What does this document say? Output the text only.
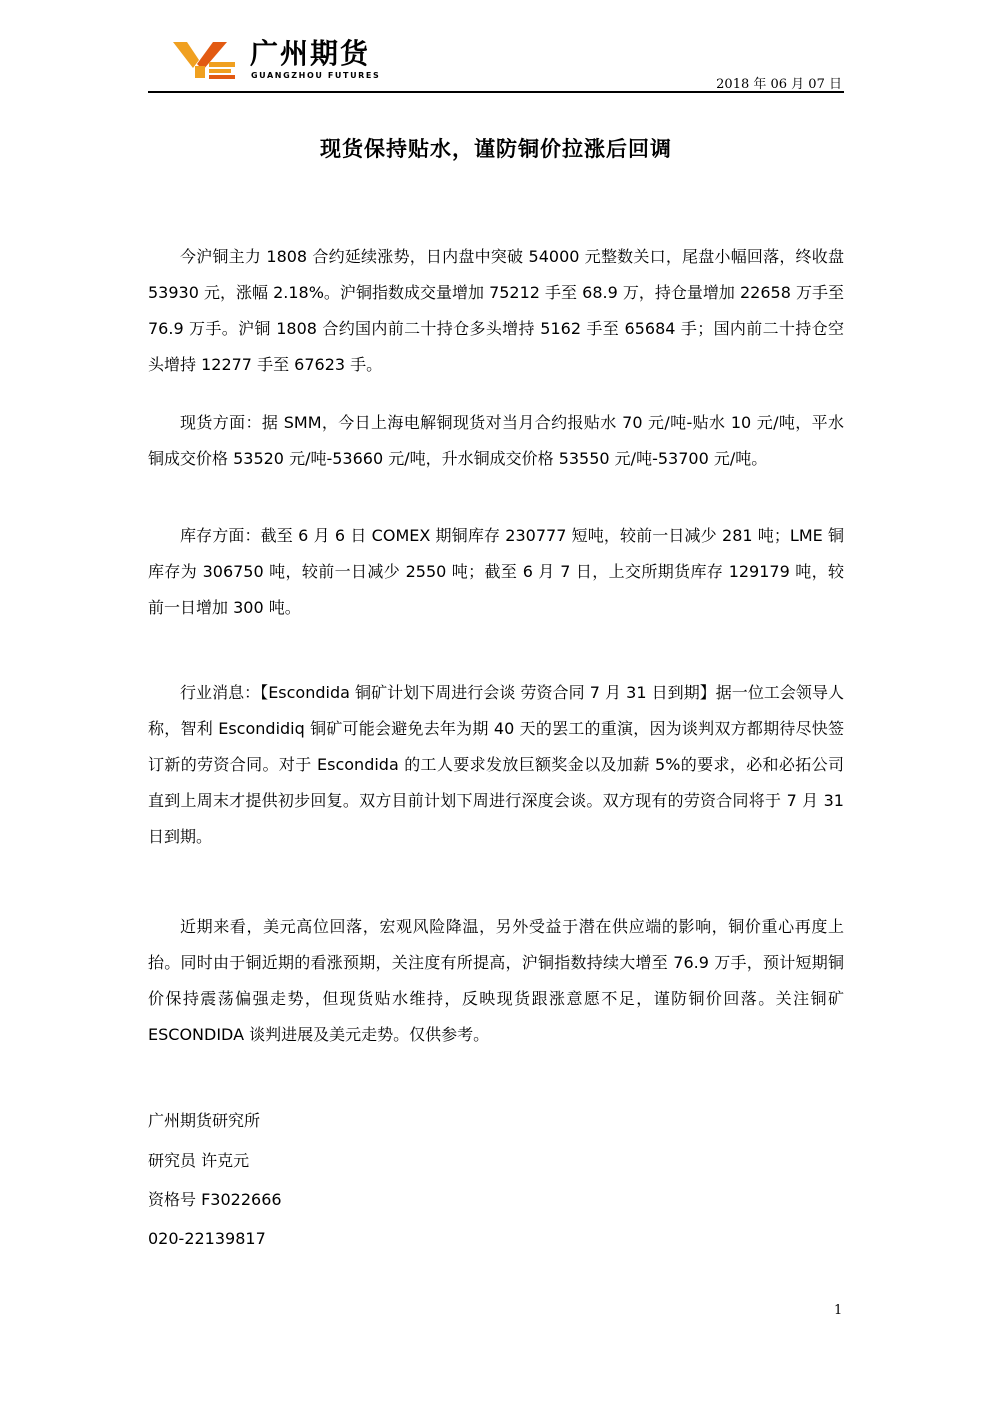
广州期货
GUANGZHOU FUTURES
2018 年 06 月 07 日
现货保持贴水，谨防铜价拉涨后回调

今沪铜主力 1808 合约延续涨势，日内盘中突破 54000 元整数关口，尾盘小幅回落，终收盘 53930 元，涨幅 2.18%。沪铜指数成交量增加 75212 手至 68.9 万，持仓量增加 22658 万手至 76.9 万手。沪铜 1808 合约国内前二十持仓多头增持 5162 手至 65684 手；国内前二十持仓空头增持 12277 手至 67623 手。

现货方面：据 SMM，今日上海电解铜现货对当月合约报贴水 70 元/吨-贴水 10 元/吨，平水铜成交价格 53520 元/吨-53660 元/吨，升水铜成交价格 53550 元/吨-53700 元/吨。

库存方面：截至 6 月 6 日 COMEX 期铜库存 230777 短吨，较前一日减少 281 吨；LME 铜库存为 306750 吨，较前一日减少 2550 吨；截至 6 月 7 日，上交所期货库存 129179 吨，较前一日增加 300 吨。

行业消息：【Escondida 铜矿计划下周进行会谈 劳资合同 7 月 31 日到期】据一位工会领导人称，智利 Escondidiq 铜矿可能会避免去年为期 40 天的罢工的重演，因为谈判双方都期待尽快签订新的劳资合同。对于 Escondida 的工人要求发放巨额奖金以及加薪 5%的要求，必和必拓公司直到上周末才提供初步回复。双方目前计划下周进行深度会谈。双方现有的劳资合同将于 7 月 31 日到期。

近期来看，美元高位回落，宏观风险降温，另外受益于潜在供应端的影响，铜价重心再度上抬。同时由于铜近期的看涨预期，关注度有所提高，沪铜指数持续大增至 76.9 万手，预计短期铜价保持震荡偏强走势，但现货贴水维持，反映现货跟涨意愿不足，谨防铜价回落。关注铜矿 ESCONDIDA 谈判进展及美元走势。仅供参考。

广州期货研究所
研究员 许克元
资格号 F3022666
020-22139817
1
